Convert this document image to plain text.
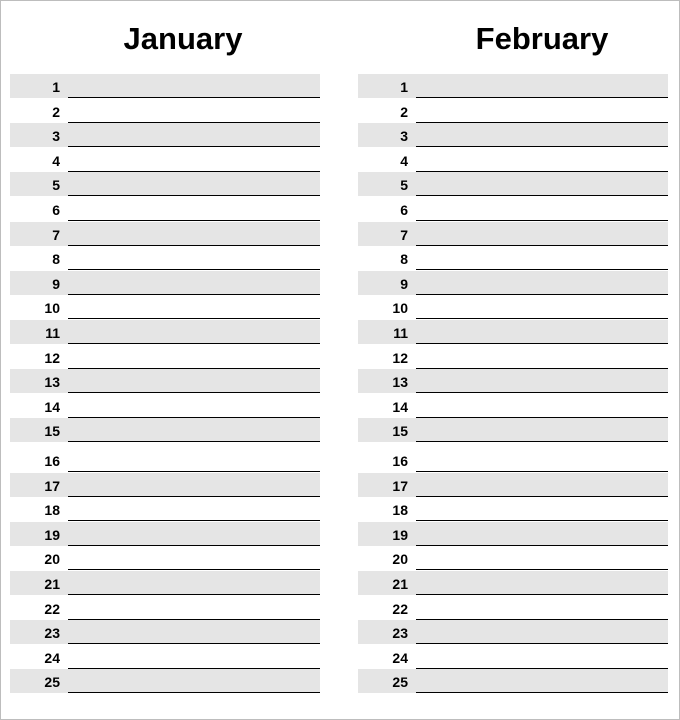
January
1
2
3
4
5
6
7
8
9
10
11
12
13
14
15
16
17
18
19
20
21
22
23
24
25
February
1
2
3
4
5
6
7
8
9
10
11
12
13
14
15
16
17
18
19
20
21
22
23
24
25
